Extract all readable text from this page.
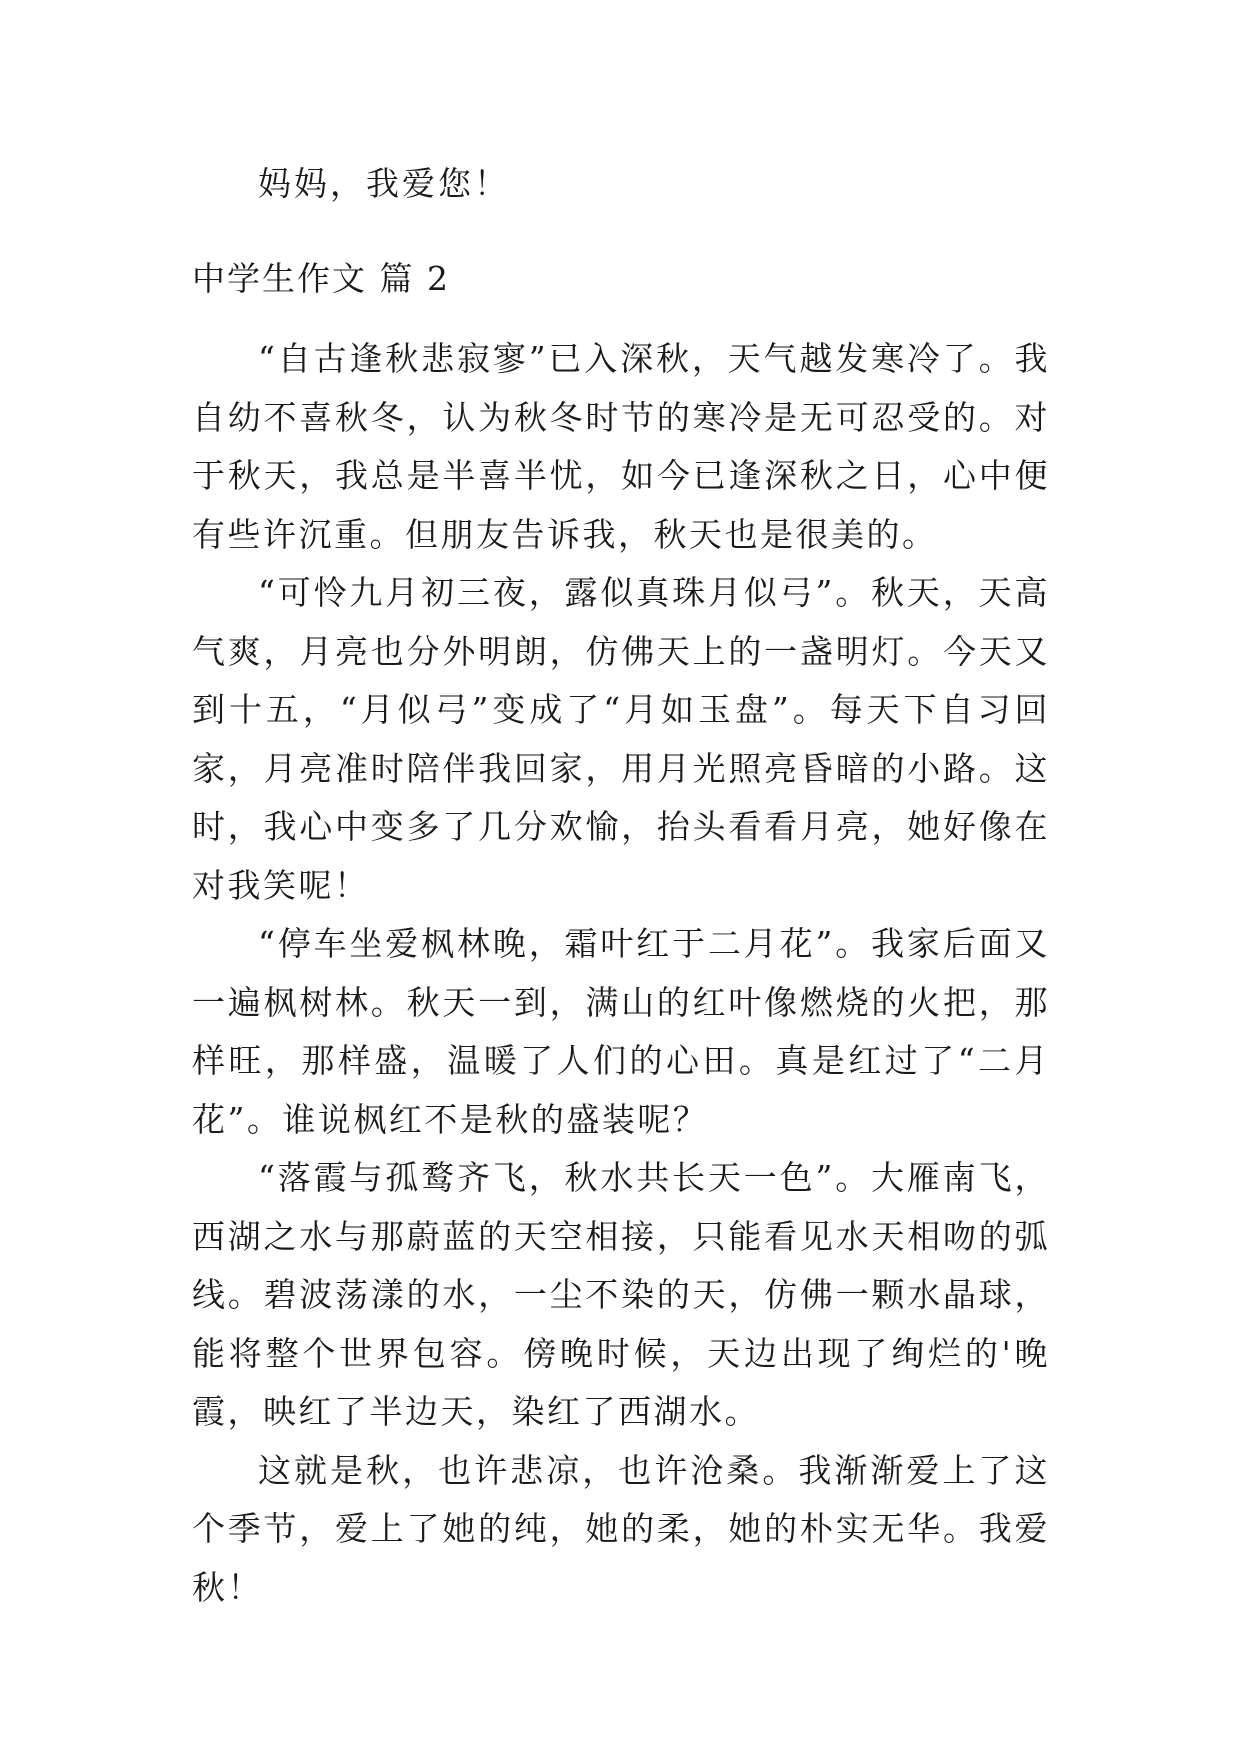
妈妈，我爱您！

中学生作文 篇 2

“自古逢秋悲寂寥”已入深秋，天气越发寒冷了。我自幼不喜秋冬，认为秋冬时节的寒冷是无可忍受的。对于秋天，我总是半喜半忧，如今已逢深秋之日，心中便有些许沉重。但朋友告诉我，秋天也是很美的。

“可怜九月初三夜，露似真珠月似弓”。秋天，天高气爽，月亮也分外明朗，仿佛天上的一盏明灯。今天又到十五，“月似弓”变成了“月如玉盘”。每天下自习回家，月亮准时陪伴我回家，用月光照亮昏暗的小路。这时，我心中变多了几分欢愉，抬头看看月亮，她好像在对我笑呢！

“停车坐爱枫林晚，霜叶红于二月花”。我家后面又一遍枫树林。秋天一到，满山的红叶像燃烧的火把，那样旺，那样盛，温暖了人们的心田。真是红过了“二月花”。谁说枫红不是秋的盛装呢？

“落霞与孤鹜齐飞，秋水共长天一色”。大雁南飞，西湖之水与那蔚蓝的天空相接，只能看见水天相吻的弧线。碧波荡漾的水，一尘不染的天，仿佛一颗水晶球，能将整个世界包容。傍晚时候，天边出现了绚烂的'晚霞，映红了半边天，染红了西湖水。

这就是秋，也许悲凉，也许沧桑。我渐渐爱上了这个季节，爱上了她的纯，她的柔，她的朴实无华。我爱秋！
